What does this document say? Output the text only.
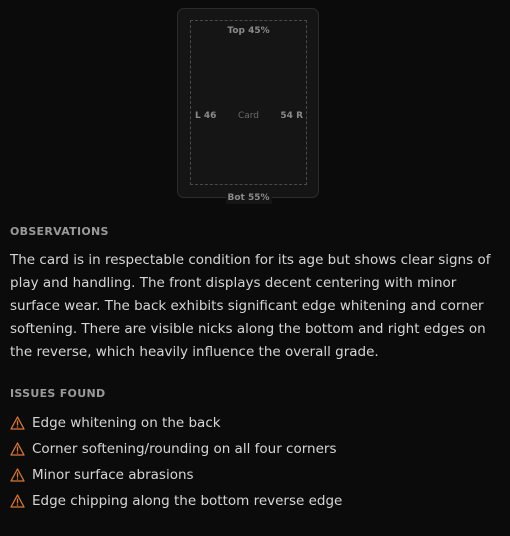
Top 45%
Bot 55%
L 46	54 R
Card
OBSERVATIONS
The card is in respectable condition for its age but shows clear signs of play and handling. The front displays decent centering with minor surface wear. The back exhibits significant edge whitening and corner softening. There are visible nicks along the bottom and right edges on the reverse, which heavily influence the overall grade.
ISSUES FOUND
Edge whitening on the back
Corner softening/rounding on all four corners
Minor surface abrasions
Edge chipping along the bottom reverse edge
